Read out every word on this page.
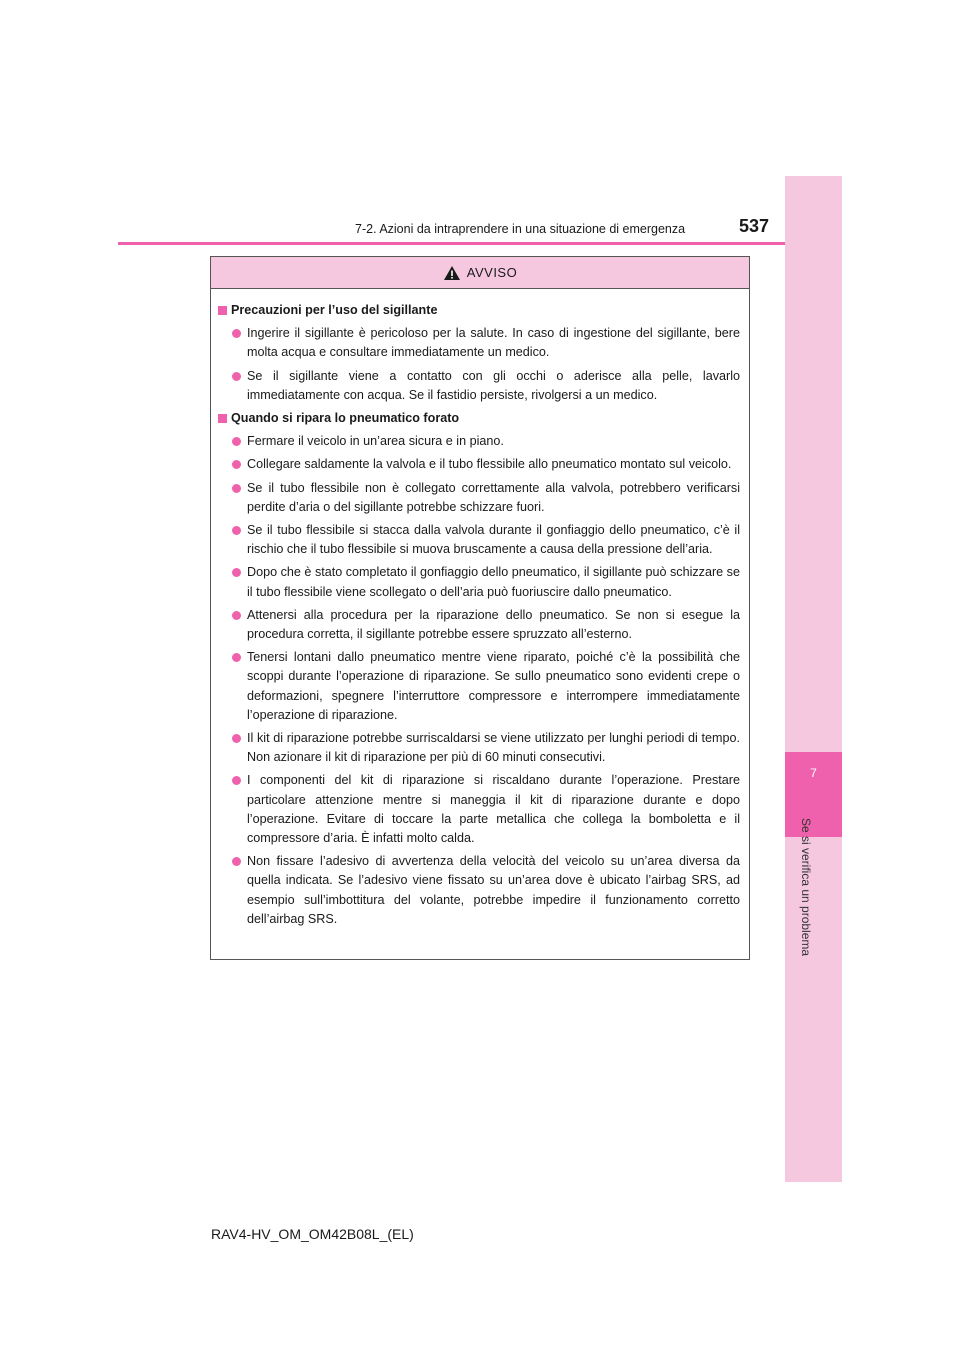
7
Se si verifica un problema
7-2. Azioni da intraprendere in una situazione di emergenza	537
AVVISO
Precauzioni per l’uso del sigillante
Ingerire il sigillante è pericoloso per la salute. In caso di ingestione del sigillante, bere molta acqua e consultare immediatamente un medico.
Se il sigillante viene a contatto con gli occhi o aderisce alla pelle, lavarlo immediatamente con acqua. Se il fastidio persiste, rivolgersi a un medico.
Quando si ripara lo pneumatico forato
Fermare il veicolo in un’area sicura e in piano.
Collegare saldamente la valvola e il tubo flessibile allo pneumatico montato sul veicolo.
Se il tubo flessibile non è collegato correttamente alla valvola, potrebbero verificarsi perdite d’aria o del sigillante potrebbe schizzare fuori.
Se il tubo flessibile si stacca dalla valvola durante il gonfiaggio dello pneumatico, c’è il rischio che il tubo flessibile si muova bruscamente a causa della pressione dell’aria.
Dopo che è stato completato il gonfiaggio dello pneumatico, il sigillante può schizzare se il tubo flessibile viene scollegato o dell’aria può fuoriuscire dallo pneumatico.
Attenersi alla procedura per la riparazione dello pneumatico. Se non si esegue la procedura corretta, il sigillante potrebbe essere spruzzato all’esterno.
Tenersi lontani dallo pneumatico mentre viene riparato, poiché c’è la possibilità che scoppi durante l’operazione di riparazione. Se sullo pneumatico sono evidenti crepe o deformazioni, spegnere l’interruttore compressore e interrompere immediatamente l’operazione di riparazione.
Il kit di riparazione potrebbe surriscaldarsi se viene utilizzato per lunghi periodi di tempo. Non azionare il kit di riparazione per più di 60 minuti consecutivi.
I componenti del kit di riparazione si riscaldano durante l’operazione. Prestare particolare attenzione mentre si maneggia il kit di riparazione durante e dopo l’operazione. Evitare di toccare la parte metallica che collega la bomboletta e il compressore d’aria. È infatti molto calda.
Non fissare l’adesivo di avvertenza della velocità del veicolo su un’area diversa da quella indicata. Se l’adesivo viene fissato su un’area dove è ubicato l’airbag SRS, ad esempio sull’imbottitura del volante, potrebbe impedire il funzionamento corretto dell’airbag SRS.
RAV4-HV_OM_OM42B08L_(EL)
